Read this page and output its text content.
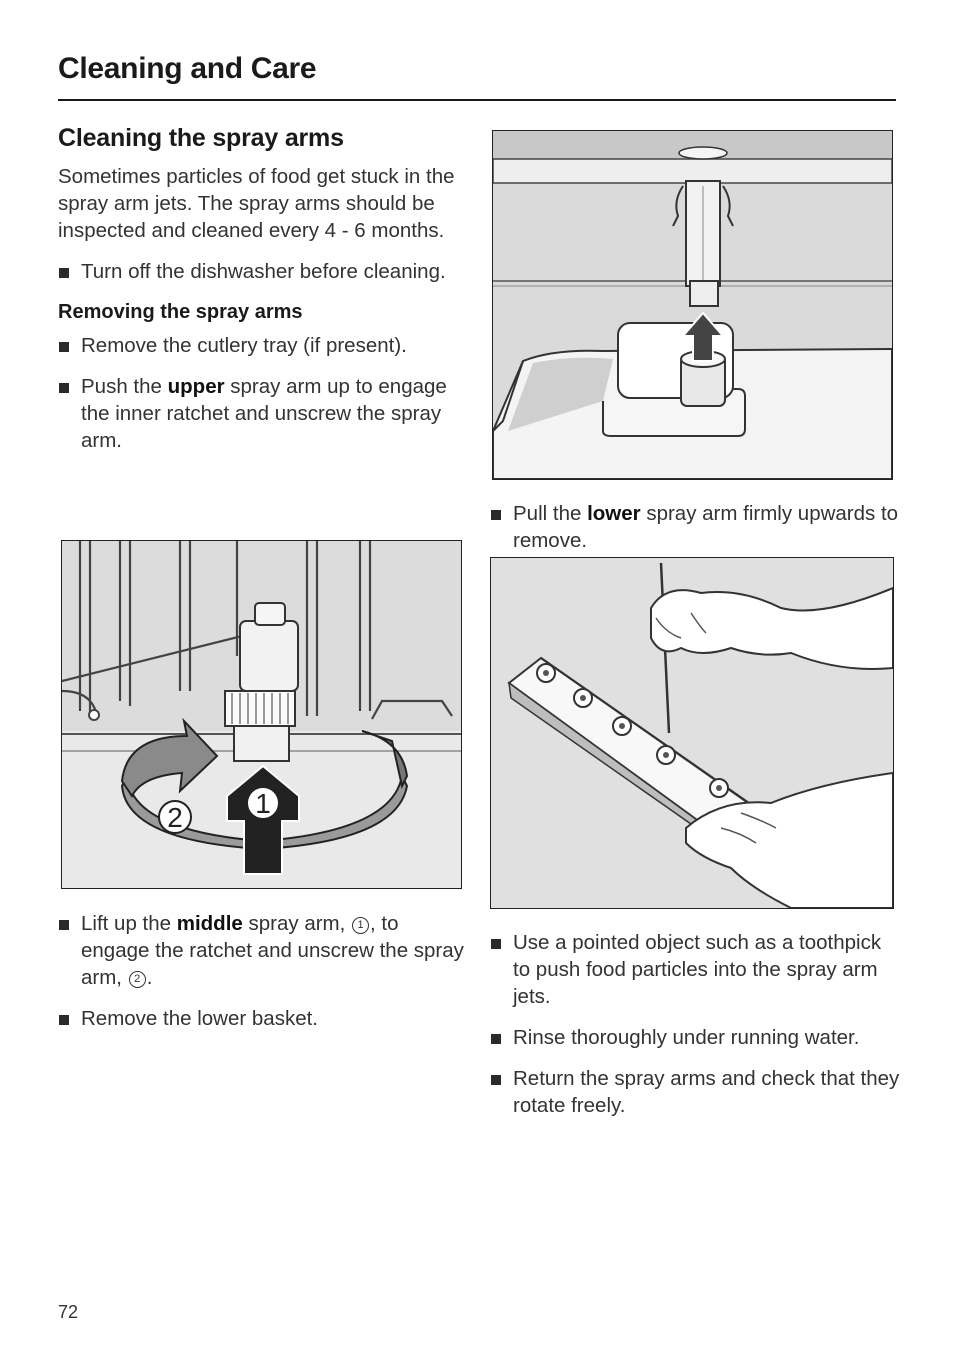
Cleaning and Care
Cleaning the spray arms

Sometimes particles of food get stuck in the spray arm jets. The spray arms should be inspected and cleaned every 4 - 6 months.

Turn off the dishwasher before cleaning.
Removing the spray arms
Remove the cutlery tray (if present).
Push the upper spray arm up to engage the inner ratchet and unscrew the spray arm.
2	1
Lift up the middle spray arm, 1 , to engage the ratchet and unscrew the spray arm, 2 .
Remove the lower basket.
Pull the lower spray arm firmly upwards to remove.
Use a pointed object such as a toothpick to push food particles into the spray arm jets.
Rinse thoroughly under running water.
Return the spray arms and check that they rotate freely.
72
